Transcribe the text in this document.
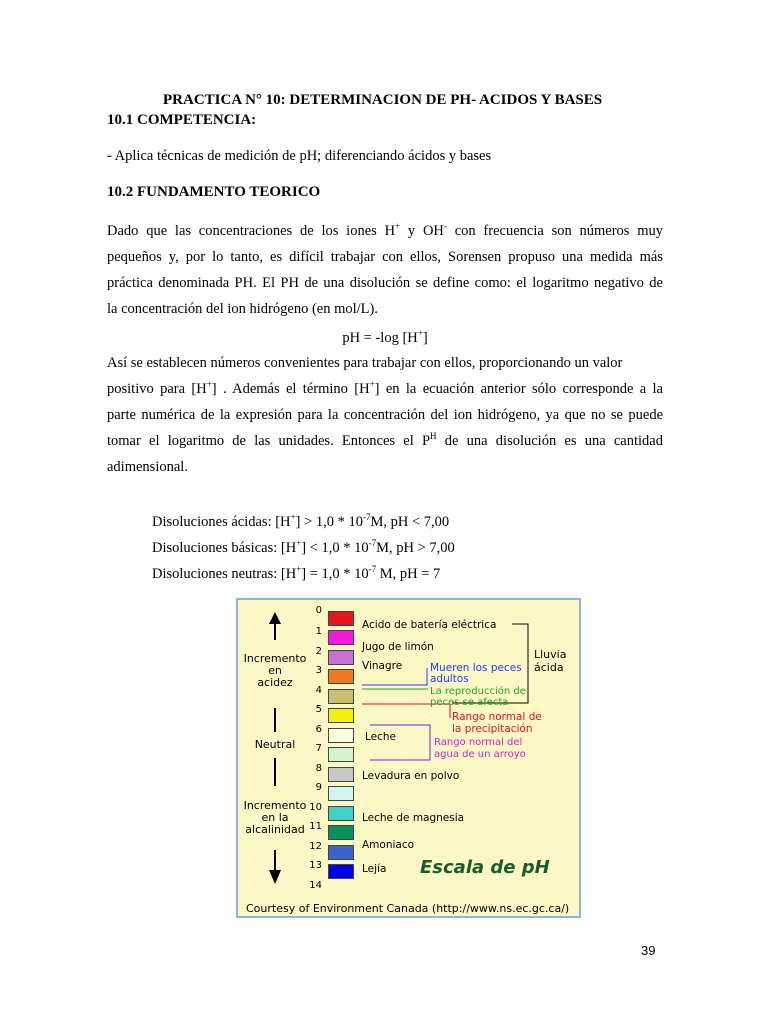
PRACTICA N° 10: DETERMINACION DE PH- ACIDOS Y BASES
10.1 COMPETENCIA:
- Aplica técnicas de medición de pH; diferenciando ácidos y bases
10.2 FUNDAMENTO TEORICO
Dado que las concentraciones de los iones H+ y OH- con frecuencia son números muy
pequeños y, por lo tanto, es difícil trabajar con ellos, Sorensen propuso una medida más
práctica denominada PH. El PH de una disolución se define como: el logaritmo negativo de
la concentración del ion hidrógeno (en mol/L).
pH = -log [H+]
Así se establecen números convenientes para trabajar con ellos, proporcionando un valor
positivo para [H+] . Además el término [H+] en la ecuación anterior sólo corresponde a la
parte numérica de la expresión para la concentración del ion hidrógeno, ya que no se puede
tomar el logaritmo de las unidades. Entonces el $P^H$ de una disolución es una cantidad
adimensional.
Disoluciones ácidas: $[H^+] > 1,0 * 10^{-7}M$, pH < 7,00
Disoluciones básicas: $[H^+] < 1,0 * 10^{-7}M$, pH > 7,00
Disoluciones neutras: $[H^+] = 1,0 * 10^{-7}$ M, pH = 7
Incremento
en
acidez
Neutral
Incremento
en la
alcalinidad
0
1
2
3
4
5
6
7
8
9
10
11
12
13
14
Acido de batería eléctrica
Jugo de limón
Vinagre
Leche
Levadura en polvo
Leche de magnesia
Amoniaco
Lejía
Lluvia
ácida
Mueren los peces
adultos
La reproducción de
peces se afecta
Rango normal de
la precipitación
Rango normal del
agua de un arroyo
Escala de pH
Courtesy of Environment Canada (http://www.ns.ec.gc.ca/)
39
